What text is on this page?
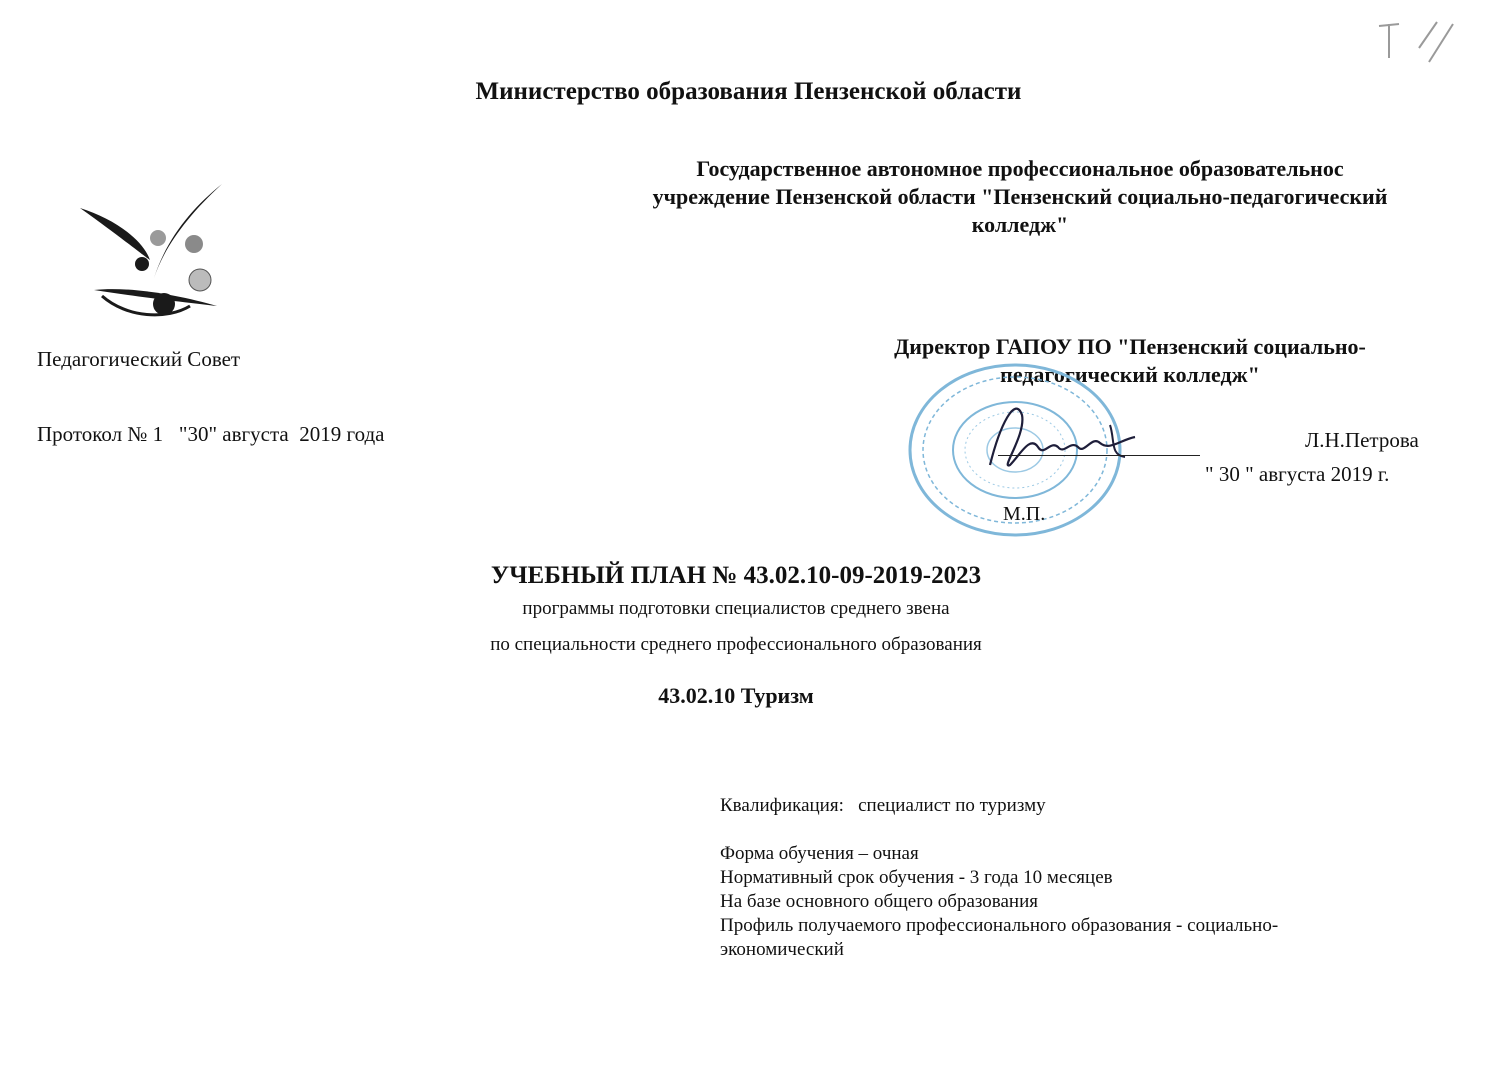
Министерство образования Пензенской области
Государственное автономное профессиональное образовательнос
учреждение Пензенской области "Пензенский социально-педагогический
колледж"
Педагогический Совет
Протокол № 1   "30" августа  2019 года
Директор ГАПОУ ПО "Пензенский социально-
педагогический колледж"
Л.Н.Петрова
" 30 " августа 2019 г.
М.П.
УЧЕБНЫЙ ПЛАН № 43.02.10-09-2019-2023
программы подготовки специалистов среднего звена
по специальности среднего профессионального образования
43.02.10 Туризм
Квалификация:   специалист по туризму
Форма обучения – очная
Нормативный срок обучения - 3 года 10 месяцев
На базе основного общего образования
Профиль получаемого профессионального образования - социально-
экономический
